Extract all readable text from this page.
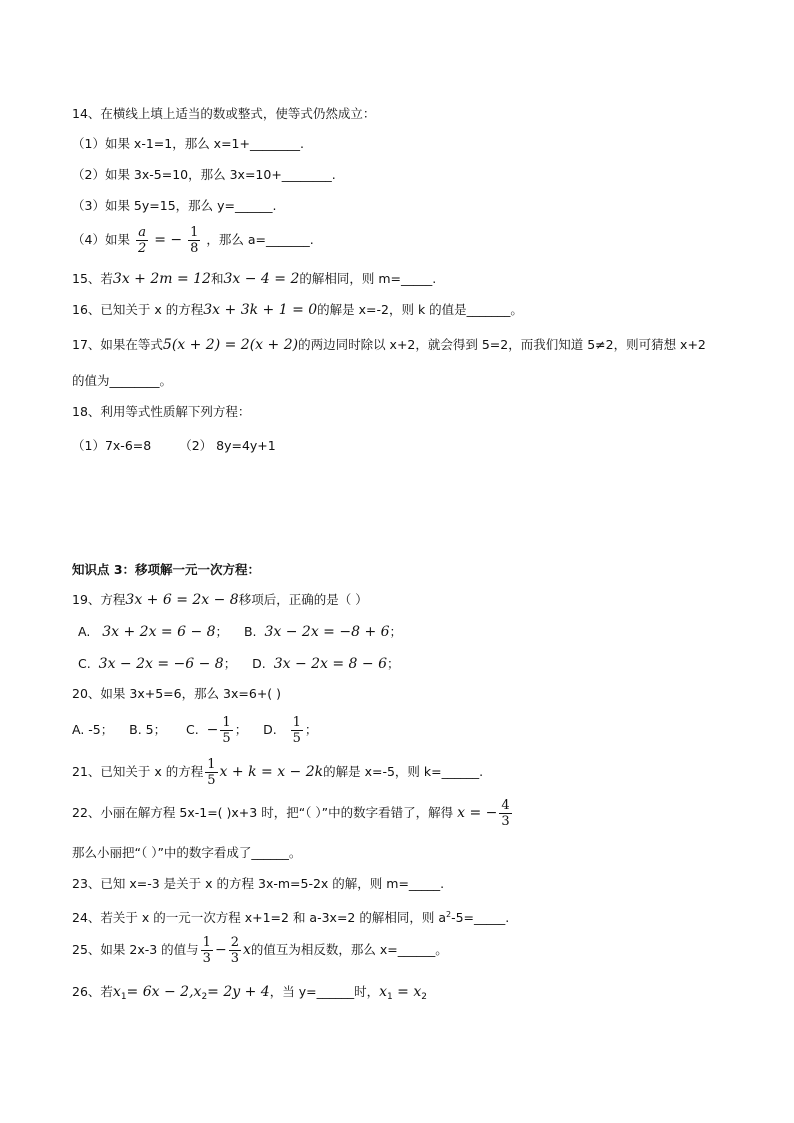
14、在横线上填上适当的数或整式，使等式仍然成立：
（1）如果 x-1=1，那么 x=1+________.
（2）如果 3x-5=10，那么 3x=10+________.
（3）如果 5y=15，那么 y=______.
（4）如果 $\frac{a}{2}$ = − $\frac{1}{8}$ ，那么 a=_______.
15、若3x + 2m = 12和3x − 4 = 2的解相同，则 m=_____.
16、已知关于 x 的方程3x + 3k + 1 = 0的解是 x=-2，则 k 的值是_______。
17、如果在等式5(x + 2) = 2(x + 2)的两边同时除以 x+2，就会得到 5=2，而我们知道 5≠2，则可猜想 x+2
的值为________。
18、利用等式性质解下列方程：
（1）7x-6=8 （2） 8y=4y+1
知识点 3：移项解一元一次方程：
19、方程3x + 6 = 2x − 8移项后，正确的是（ ）
A. 3x + 2x = 6 − 8； B. 3x − 2x = −8 + 6；
C. 3x − 2x = −6 − 8； D. 3x − 2x = 8 − 6；
20、如果 3x+5=6，那么 3x=6+( )
A. -5； B. 5； C. − $\frac{1}{5}$ ； D. $\frac{1}{5}$ ；
21、已知关于 x 的方程 $\frac{1}{5}$ x + k = x − 2k的解是 x=-5，则 k=______.
22、小丽在解方程 5x-1=( )x+3 时，把“（ ）”中的数字看错了，解得 x = − $\frac{4}{3}$
那么小丽把“（ ）”中的数字看成了______。
23、已知 x=-3 是关于 x 的方程 3x-m=5-2x 的解，则 m=_____.
24、若关于 x 的一元一次方程 x+1=2 和 a-3x=2 的解相同，则 $a^2-5=\_\_\_\_\_$.
25、如果 2x-3 的值与 $\frac{1}{3} - \frac{2}{3}$ x的值互为相反数，那么 x=______。
26、若$x_1= 6x - 2,x_2= 2y + 4$，当 y=______时，$x_1 = x_2$
